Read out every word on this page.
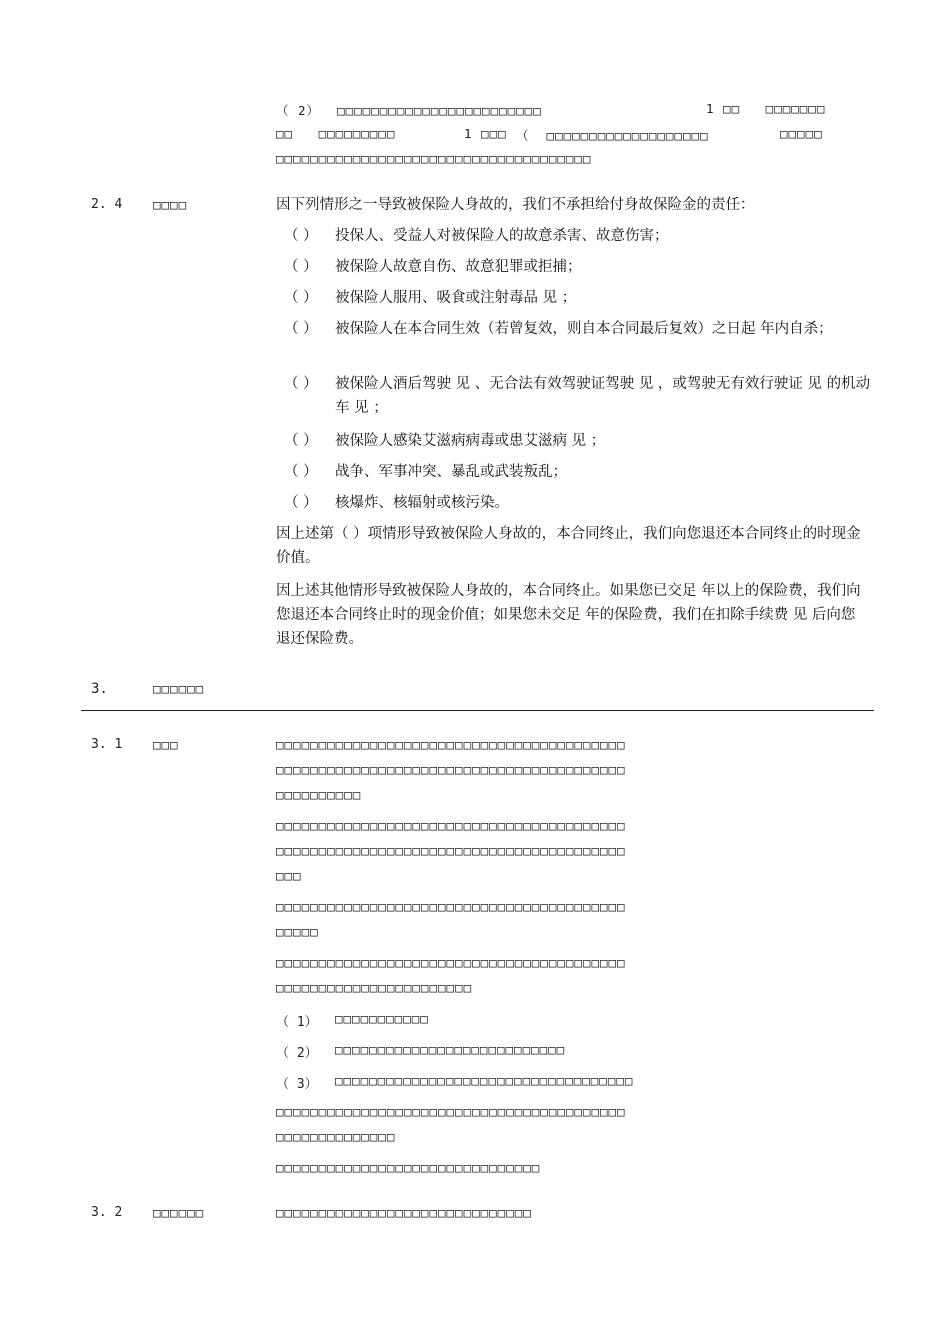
（ 2）  □□□□□□□□□□□□□□□□□□□□□□□□	1 □□   □□□□□□□
□□   □□□□□□□□□	1 □□□ （  □□□□□□□□□□□□□□□□□□□	□□□□□
□□□□□□□□□□□□□□□□□□□□□□□□□□□□□□□□□□□□□
2. 4 □□□□	因下列情形之一导致被保险人身故的，我们不承担给付身故保险金的责任：
（ ）	投保人、受益人对被保险人的故意杀害、故意伤害；
（ ）	被保险人故意自伤、故意犯罪或拒捕；
（ ）	被保险人服用、吸食或注射毒品 见 ；
（ ）	被保险人在本合同生效（若曾复效，则自本合同最后复效）之日起 年内自杀；
（ ）	被保险人酒后驾驶 见 、无合法有效驾驶证驾驶 见 ，或驾驶无有效行驶证 见 的机动车 见 ；
（ ）	被保险人感染艾滋病病毒或患艾滋病 见 ；
（ ）	战争、军事冲突、暴乱或武装叛乱；
（ ）	核爆炸、核辐射或核污染。
因上述第（ ）项情形导致被保险人身故的，本合同终止，我们向您退还本合同终止的时现金价值。
因上述其他情形导致被保险人身故的，本合同终止。如果您已交足 年以上的保险费，我们向您退还本合同终止时的现金价值；如果您未交足 年的保险费，我们在扣除手续费 见 后向您退还保险费。
3.	□□□□□□
3. 1 □□□	□□□□□□□□□□□□□□□□□□□□□□□□□□□□□□□□□□□□□□□□□
□□□□□□□□□□□□□□□□□□□□□□□□□□□□□□□□□□□□□□□□□
□□□□□□□□□□
□□□□□□□□□□□□□□□□□□□□□□□□□□□□□□□□□□□□□□□□□
□□□□□□□□□□□□□□□□□□□□□□□□□□□□□□□□□□□□□□□□□
□□□
□□□□□□□□□□□□□□□□□□□□□□□□□□□□□□□□□□□□□□□□□
□□□□□
□□□□□□□□□□□□□□□□□□□□□□□□□□□□□□□□□□□□□□□□□
□□□□□□□□□□□□□□□□□□□□□□□
（ 1） □□□□□□□□□□□
（ 2） □□□□□□□□□□□□□□□□□□□□□□□□□□□
（ 3） □□□□□□□□□□□□□□□□□□□□□□□□□□□□□□□□□□□
□□□□□□□□□□□□□□□□□□□□□□□□□□□□□□□□□□□□□□□□□
□□□□□□□□□□□□□□
□□□□□□□□□□□□□□□□□□□□□□□□□□□□□□□
3. 2 □□□□□□	□□□□□□□□□□□□□□□□□□□□□□□□□□□□□□
